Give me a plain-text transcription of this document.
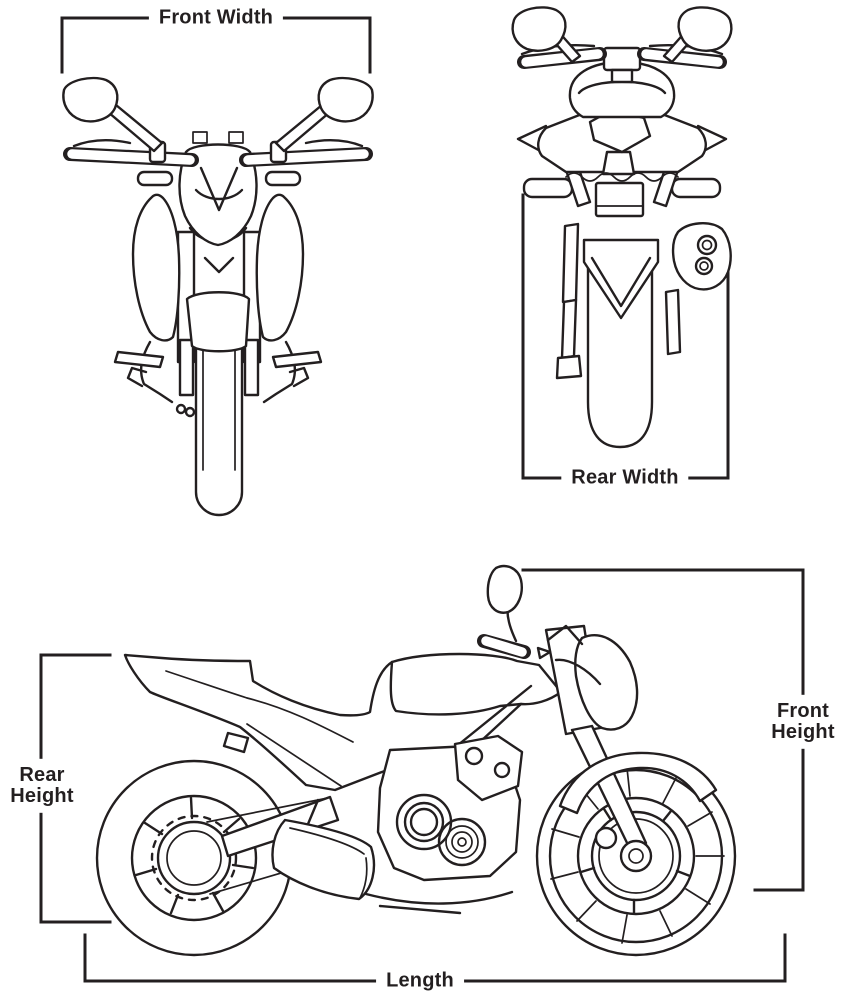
Front Width
Rear Width
Rear Height
Front Height
Length
